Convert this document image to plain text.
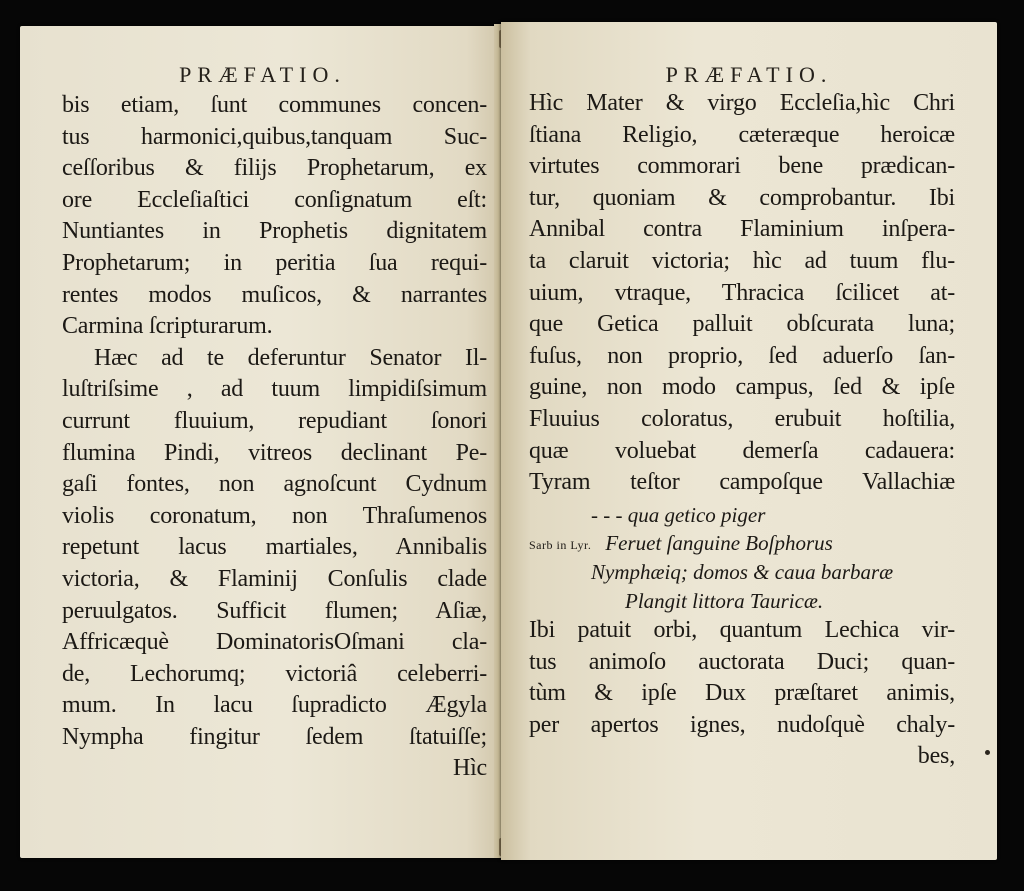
PRÆFATIO.
bis etiam, ſunt communes concen-
tus harmonici,quibus,tanquam Suc-
ceſſoribus & filijs Prophetarum, ex
ore Eccleſiaſtici conſignatum eſt:
Nuntiantes in Prophetis dignitatem
Prophetarum; in peritia ſua requi-
rentes modos muſicos, & narrantes
Carmina ſcripturarum.
Hæc ad te deferuntur Senator Il-
luſtriſsime , ad tuum limpidiſsimum
currunt fluuium, repudiant ſonori
flumina Pindi, vitreos declinant Pe-
gaſi fontes, non agnoſcunt Cydnum
violis coronatum, non Thraſumenos
repetunt lacus martiales, Annibalis
victoria, & Flaminij Conſulis clade
peruulgatos. Sufficit flumen; Aſiæ,
Affricæquè DominatorisOſmani cla-
de, Lechorumq; victoriâ celeberri-
mum. In lacu ſupradicto Ægyla
Nympha fingitur ſedem ſtatuiſſe;
Hìc
PRÆFATIO.
Hìc Mater & virgo Eccleſia,hìc Chri
ſtiana Religio, cæteræque heroicæ
virtutes commorari bene prædican-
tur, quoniam & comprobantur. Ibi
Annibal contra Flaminium inſpera-
ta claruit victoria; hìc ad tuum flu-
uium, vtraque, Thracica ſcilicet at-
que Getica palluit obſcurata luna;
fuſus, non proprio, ſed aduerſo ſan-
guine, non modo campus, ſed & ipſe
Fluuius coloratus, erubuit hoſtilia,
quæ voluebat demerſa cadauera:
Tyram teſtor campoſque Vallachiæ
- - - qua getico piger
Sarb in Lyr. Feruet ſanguine Boſphorus
Nymphæiq; domos & caua barbaræ
Plangit littora Tauricæ.
Ibi patuit orbi, quantum Lechica vir-
tus animoſo auctorata Duci; quan-
tùm & ipſe Dux præſtaret animis,
per apertos ignes, nudoſquè chaly-
bes,
